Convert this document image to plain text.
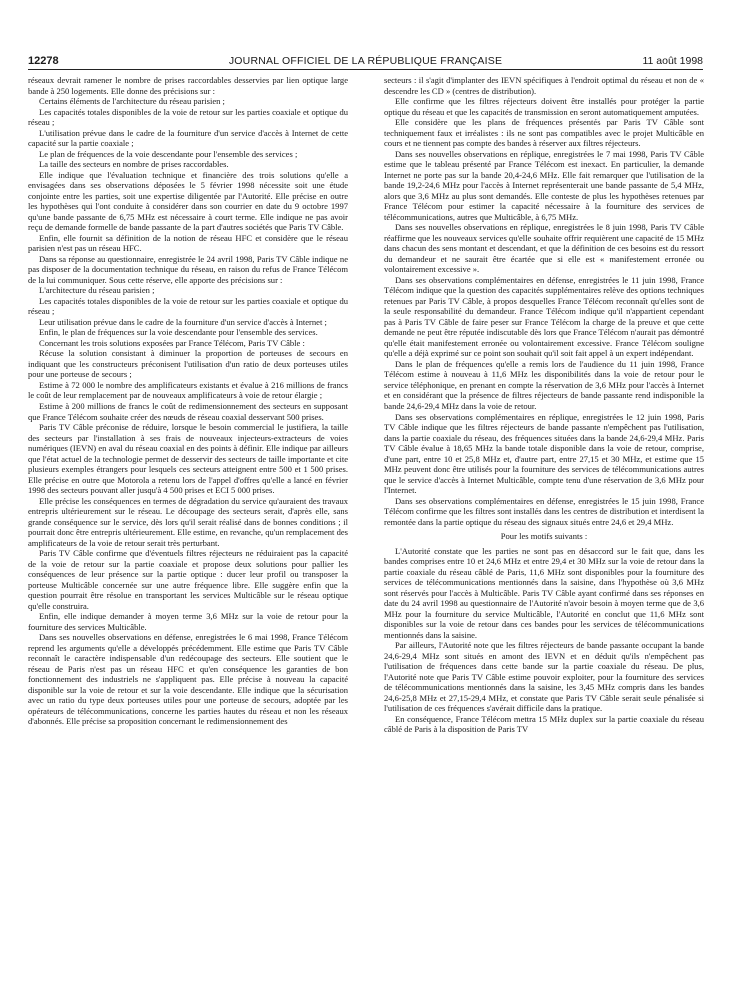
12278	JOURNAL OFFICIEL DE LA RÉPUBLIQUE FRANÇAISE	11 août 1998

réseaux devrait ramener le nombre de prises raccordables desservies par lien optique large bande à 250 logements. Elle donne des précisions sur :

Certains éléments de l'architecture du réseau parisien ;

Les capacités totales disponibles de la voie de retour sur les parties coaxiale et optique du réseau ;

L'utilisation prévue dans le cadre de la fourniture d'un service d'accès à Internet de cette capacité sur la partie coaxiale ;

Le plan de fréquences de la voie descendante pour l'ensemble des services ;

La taille des secteurs en nombre de prises raccordables.

Elle indique que l'évaluation technique et financière des trois solutions qu'elle a envisagées dans ses observations déposées le 5 février 1998 nécessite soit une étude conjointe entre les parties, soit une expertise diligentée par l'Autorité. Elle précise en outre les hypothèses qui l'ont conduite à considérer dans son courrier en date du 9 octobre 1997 qu'une bande passante de 6,75 MHz est nécessaire à court terme. Elle indique ne pas avoir reçu de demande formelle de bande passante de la part d'autres sociétés que Paris TV Câble.

Enfin, elle fournit sa définition de la notion de réseau HFC et considère que le réseau parisien n'est pas un réseau HFC.

Dans sa réponse au questionnaire, enregistrée le 24 avril 1998, Paris TV Câble indique ne pas disposer de la documentation technique du réseau, en raison du refus de France Télécom de la lui communiquer. Sous cette réserve, elle apporte des précisions sur :

L'architecture du réseau parisien ;

Les capacités totales disponibles de la voie de retour sur les parties coaxiale et optique du réseau ;

Leur utilisation prévue dans le cadre de la fourniture d'un service d'accès à Internet ;

Enfin, le plan de fréquences sur la voie descendante pour l'ensemble des services.

Concernant les trois solutions exposées par France Télécom, Paris TV Câble :

Récuse la solution consistant à diminuer la proportion de porteuses de secours en indiquant que les constructeurs préconisent l'utilisation d'un ratio de deux porteuses utiles pour une porteuse de secours ;

Estime à 72 000 le nombre des amplificateurs existants et évalue à 216 millions de francs le coût de leur remplacement par de nouveaux amplificateurs à voie de retour élargie ;

Estime à 200 millions de francs le coût de redimensionnement des secteurs en supposant que France Télécom souhaite créer des nœuds de réseau coaxial desservant 500 prises.

Paris TV Câble préconise de réduire, lorsque le besoin commercial le justifiera, la taille des secteurs par l'installation à ses frais de nouveaux injecteurs-extracteurs de voies numériques (IEVN) en aval du réseau coaxial en des points à définir. Elle indique par ailleurs que l'état actuel de la technologie permet de desservir des secteurs de taille importante et cite plusieurs exemples étrangers pour lesquels ces secteurs atteignent entre 500 et 1 500 prises. Elle précise en outre que Motorola a retenu lors de l'appel d'offres qu'elle a lancé en février 1998 des secteurs pouvant aller jusqu'à 4 500 prises et ECI 5 000 prises.

Elle précise les conséquences en termes de dégradation du service qu'auraient des travaux entrepris ultérieurement sur le réseau. Le découpage des secteurs serait, d'après elle, sans grande conséquence sur le service, dès lors qu'il serait réalisé dans de bonnes conditions ; il pourrait donc être entrepris ultérieurement. Elle estime, en revanche, qu'un remplacement des amplificateurs de la voie de retour serait très perturbant.

Paris TV Câble confirme que d'éventuels filtres réjecteurs ne réduiraient pas la capacité de la voie de retour sur la partie coaxiale et propose deux solutions pour pallier les conséquences de leur présence sur la partie optique : ducer leur profil ou transposer la porteuse Multicâble concernée sur une autre fréquence libre. Elle suggère enfin que la question pourrait être résolue en transportant les services Multicâble sur le réseau optique qu'elle construira.

Enfin, elle indique demander à moyen terme 3,6 MHz sur la voie de retour pour la fourniture des services Multicâble.

Dans ses nouvelles observations en défense, enregistrées le 6 mai 1998, France Télécom reprend les arguments qu'elle a développés précédemment. Elle estime que Paris TV Câble reconnaît le caractère indispensable d'un redécoupage des secteurs. Elle soutient que le réseau de Paris n'est pas un réseau HFC et qu'en conséquence les garanties de bon fonctionnement des industriels ne s'appliquent pas. Elle précise à nouveau la capacité disponible sur la voie de retour et sur la voie descendante. Elle indique que la sécurisation avec un ratio du type deux porteuses utiles pour une porteuse de secours, adoptée par les opérateurs de télécommunications, concerne les parties hautes du réseau et non les réseaux d'abonnés. Elle précise sa proposition concernant le redimensionnement des

secteurs : il s'agit d'implanter des IEVN spécifiques à l'endroit optimal du réseau et non de « descendre les CD » (centres de distribution).

Elle confirme que les filtres réjecteurs doivent être installés pour protéger la partie optique du réseau et que les capacités de transmission en seront automatiquement amputées.

Elle considère que les plans de fréquences présentés par Paris TV Câble sont techniquement faux et irréalistes : ils ne sont pas compatibles avec le projet Multicâble en cours et ne tiennent pas compte des bandes à réserver aux filtres réjecteurs.

Dans ses nouvelles observations en réplique, enregistrées le 7 mai 1998, Paris TV Câble estime que le tableau présenté par France Télécom est inexact. En particulier, la demande Internet ne porte pas sur la bande 20,4-24,6 MHz. Elle fait remarquer que l'utilisation de la bande 19,2-24,6 MHz pour l'accès à Internet représenterait une bande passante de 5,4 MHz, alors que 3,6 MHz au plus sont demandés. Elle conteste de plus les hypothèses retenues par France Télécom pour estimer la capacité nécessaire à la fourniture des services de télécommunications, autres que Multicâble, à 6,75 MHz.

Dans ses nouvelles observations en réplique, enregistrées le 8 juin 1998, Paris TV Câble réaffirme que les nouveaux services qu'elle souhaite offrir requièrent une capacité de 15 MHz dans chacun des sens montant et descendant, et que la définition de ces besoins est du ressort du demandeur et ne saurait être écartée que si elle est « manifestement erronée ou volontairement excessive ».

Dans ses observations complémentaires en défense, enregistrées le 11 juin 1998, France Télécom indique que la question des capacités supplémentaires relève des options techniques retenues par Paris TV Câble, à propos desquelles France Télécom reconnaît qu'elles sont de la seule responsabilité du demandeur. France Télécom indique qu'il n'appartient cependant pas à Paris TV Câble de faire peser sur France Télécom la charge de la preuve et que cette demande ne peut être réputée indiscutable dès lors que France Télécom n'aurait pas démontré qu'elle était manifestement erronée ou volontairement excessive. France Télécom souligne qu'elle a déjà exprimé sur ce point son souhait qu'il soit fait appel à un expert indépendant.

Dans le plan de fréquences qu'elle a remis lors de l'audience du 11 juin 1998, France Télécom estime à nouveau à 11,6 MHz les disponibilités dans la voie de retour pour le service téléphonique, en prenant en compte la réservation de 3,6 MHz pour l'accès à Internet et en considérant que la présence de filtres réjecteurs de bande passante rend indisponible la bande 24,6-29,4 MHz dans la voie de retour.

Dans ses observations complémentaires en réplique, enregistrées le 12 juin 1998, Paris TV Câble indique que les filtres réjecteurs de bande passante n'empêchent pas l'utilisation, dans la partie coaxiale du réseau, des fréquences situées dans la bande 24,6-29,4 MHz. Paris TV Câble évalue à 18,65 MHz la bande totale disponible dans la voie de retour, comprise, d'une part, entre 10 et 25,8 MHz et, d'autre part, entre 27,15 et 30 MHz, et estime que 15 MHz peuvent donc être utilisés pour la fourniture des services de télécommunications autres que le service d'accès à Internet Multicâble, compte tenu d'une réservation de 3,6 MHz pour l'Internet.

Dans ses observations complémentaires en défense, enregistrées le 15 juin 1998, France Télécom confirme que les filtres sont installés dans les centres de distribution et interdisent la remontée dans la partie optique du réseau des signaux situés entre 24,6 et 29,4 MHz.

Pour les motifs suivants :

L'Autorité constate que les parties ne sont pas en désaccord sur le fait que, dans les bandes comprises entre 10 et 24,6 MHz et entre 29,4 et 30 MHz sur la voie de retour dans la partie coaxiale du réseau câblé de Paris, 11,6 MHz sont disponibles pour la fourniture des services de télécommunications mentionnés dans la saisine, dans l'hypothèse où 3,6 MHz sont réservés pour l'accès à Multicâble. Paris TV Câble ayant confirmé dans ses réponses en date du 24 avril 1998 au questionnaire de l'Autorité n'avoir besoin à moyen terme que de 3,6 MHz pour la fourniture du service Multicâble, l'Autorité en conclut que 11,6 MHz sont disponibles sur la voie de retour dans ces bandes pour les services de télécommunications mentionnés dans la saisine.

Par ailleurs, l'Autorité note que les filtres réjecteurs de bande passante occupant la bande 24,6-29,4 MHz sont situés en amont des IEVN et en déduit qu'ils n'empêchent pas l'utilisation de fréquences dans cette bande sur la partie coaxiale du réseau. De plus, l'Autorité note que Paris TV Câble estime pouvoir exploiter, pour la fourniture des services de télécommunications mentionnés dans la saisine, les 3,45 MHz compris dans les bandes 24,6-25,8 MHz et 27,15-29,4 MHz, et constate que Paris TV Câble serait seule pénalisée si l'utilisation de ces fréquences s'avérait difficile dans la pratique.

En conséquence, France Télécom mettra 15 MHz duplex sur la partie coaxiale du réseau câblé de Paris à la disposition de Paris TV
